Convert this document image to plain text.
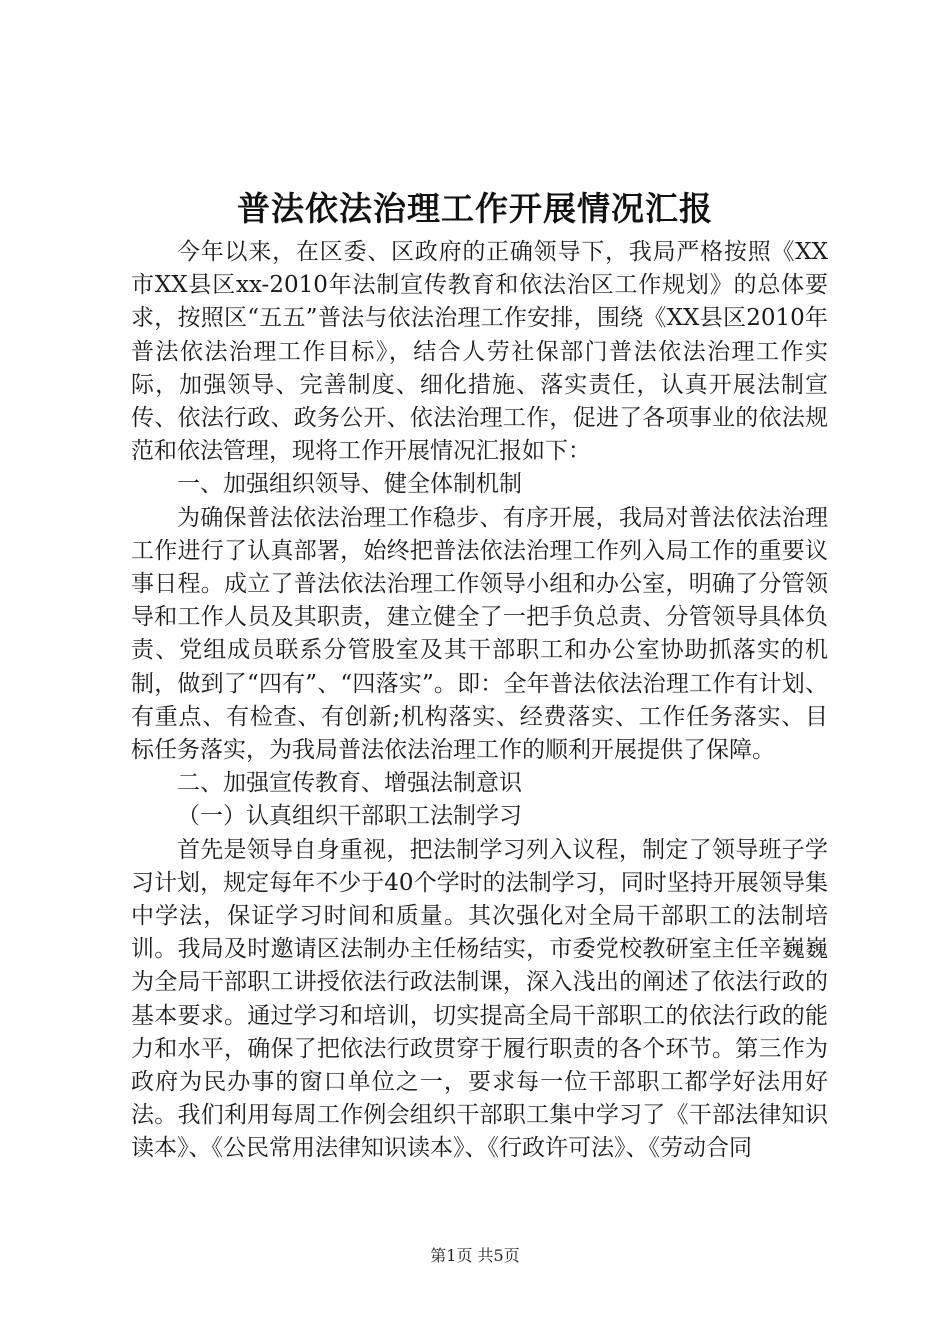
普法依法治理工作开展情况汇报

今年以来，在区委、区政府的正确领导下，我局严格按照《XX市XX县区xx-2010年法制宣传教育和依法治区工作规划》的总体要求，按照区“五五”普法与依法治理工作安排，围绕《XX县区2010年普法依法治理工作目标》，结合人劳社保部门普法依法治理工作实际，加强领导、完善制度、细化措施、落实责任，认真开展法制宣传、依法行政、政务公开、依法治理工作，促进了各项事业的依法规范和依法管理，现将工作开展情况汇报如下：

一、加强组织领导、健全体制机制

为确保普法依法治理工作稳步、有序开展，我局对普法依法治理工作进行了认真部署，始终把普法依法治理工作列入局工作的重要议事日程。成立了普法依法治理工作领导小组和办公室，明确了分管领导和工作人员及其职责，建立健全了一把手负总责、分管领导具体负责、党组成员联系分管股室及其干部职工和办公室协助抓落实的机制，做到了“四有”、“四落实”。即：全年普法依法治理工作有计划、有重点、有检查、有创新;机构落实、经费落实、工作任务落实、目标任务落实，为我局普法依法治理工作的顺利开展提供了保障。

二、加强宣传教育、增强法制意识

（一）认真组织干部职工法制学习

首先是领导自身重视，把法制学习列入议程，制定了领导班子学习计划，规定每年不少于40个学时的法制学习，同时坚持开展领导集中学法，保证学习时间和质量。其次强化对全局干部职工的法制培训。我局及时邀请区法制办主任杨结实，市委党校教研室主任辛巍巍为全局干部职工讲授依法行政法制课，深入浅出的阐述了依法行政的基本要求。通过学习和培训，切实提高全局干部职工的依法行政的能力和水平，确保了把依法行政贯穿于履行职责的各个环节。第三作为政府为民办事的窗口单位之一，要求每一位干部职工都学好法用好法。我们利用每周工作例会组织干部职工集中学习了《干部法律知识读本》、《公民常用法律知识读本》、《行政许可法》、《劳动合同

第1页 共5页
